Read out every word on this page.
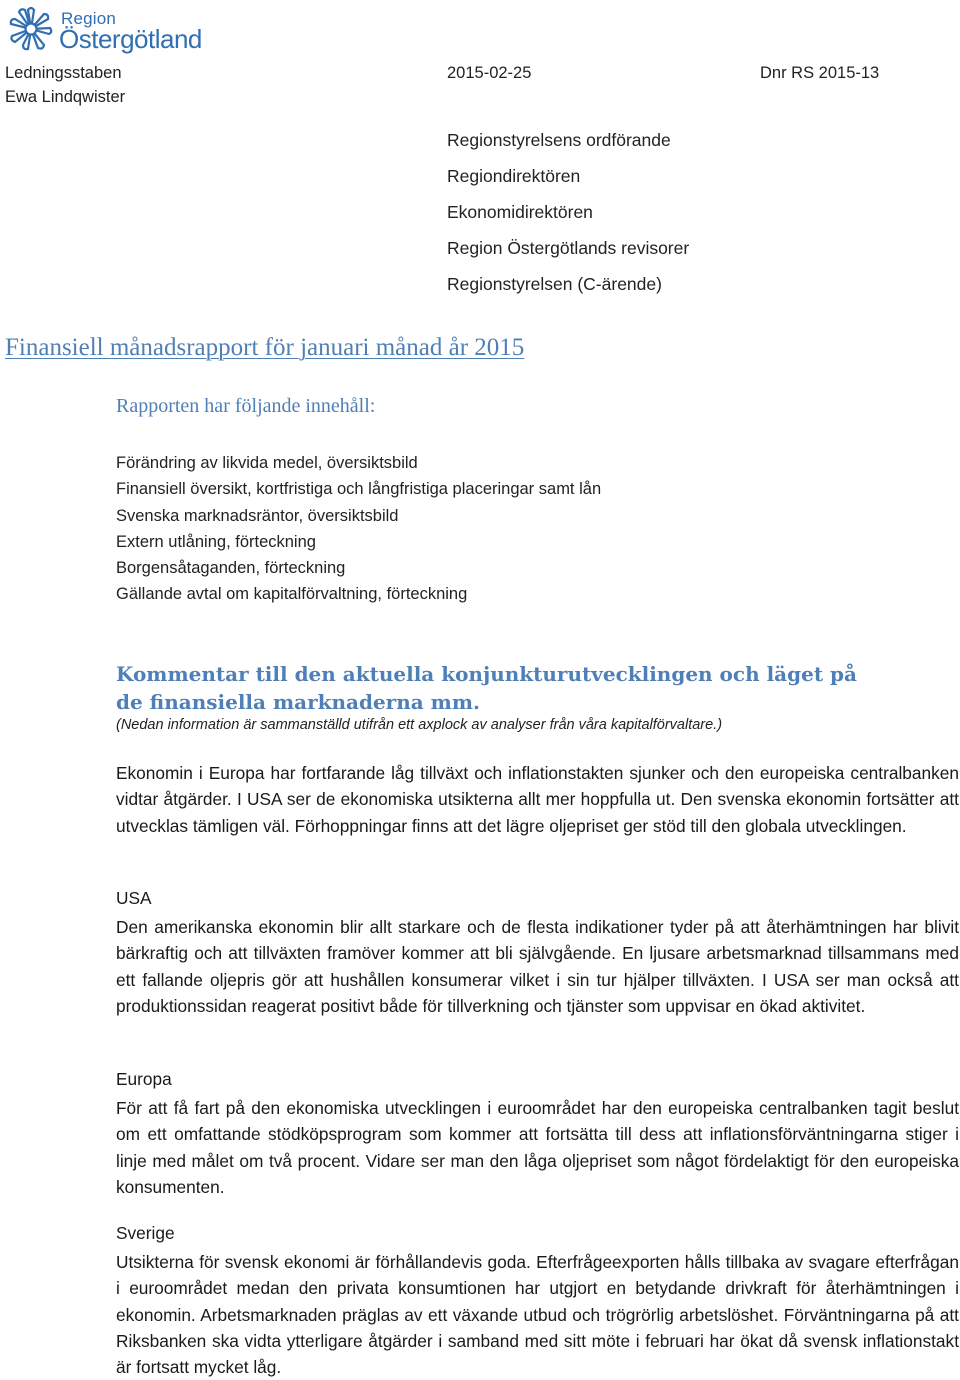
Region
Östergötland
Ledningsstaben
Ewa Lindqwister
2015-02-25	Dnr RS 2015-13
Regionstyrelsens ordförande
Regiondirektören
Ekonomidirektören
Region Östergötlands revisorer
Regionstyrelsen (C-ärende)
Finansiell månadsrapport för januari månad år 2015
Rapporten har följande innehåll:
Förändring av likvida medel, översiktsbild
Finansiell översikt, kortfristiga och långfristiga placeringar samt lån
Svenska marknadsräntor, översiktsbild
Extern utlåning, förteckning
Borgensåtaganden, förteckning
Gällande avtal om kapitalförvaltning, förteckning
Kommentar till den aktuella konjunkturutvecklingen och läget på de finansiella marknaderna mm.
(Nedan information är sammanställd utifrån ett axplock av analyser från våra kapitalförvaltare.)

Ekonomin i Europa har fortfarande låg tillväxt och inflationstakten sjunker och den europeiska centralbanken vidtar åtgärder. I USA ser de ekonomiska utsikterna allt mer hoppfulla ut. Den svenska ekonomin fortsätter att utvecklas tämligen väl. Förhoppningar finns att det lägre oljepriset ger stöd till den globala utvecklingen.

USA

Den amerikanska ekonomin blir allt starkare och de flesta indikationer tyder på att återhämtningen har blivit bärkraftig och att tillväxten framöver kommer att bli självgående. En ljusare arbetsmarknad tillsammans med ett fallande oljepris gör att hushållen konsumerar vilket i sin tur hjälper tillväxten. I USA ser man också att produktionssidan reagerat positivt både för tillverkning och tjänster som uppvisar en ökad aktivitet.

Europa

För att få fart på den ekonomiska utvecklingen i euroområdet har den europeiska centralbanken tagit beslut om ett omfattande stödköpsprogram som kommer att fortsätta till dess att inflationsförväntningarna stiger i linje med målet om två procent. Vidare ser man den låga oljepriset som något fördelaktigt för den europeiska konsumenten.

Sverige

Utsikterna för svensk ekonomi är förhållandevis goda. Efterfrågeexporten hålls tillbaka av svagare efterfrågan i euroområdet medan den privata konsumtionen har utgjort en betydande drivkraft för återhämtningen i ekonomin. Arbetsmarknaden präglas av ett växande utbud och trögrörlig arbetslöshet. Förväntningarna på att Riksbanken ska vidta ytterligare åtgärder i samband med sitt möte i februari har ökat då svensk inflationstakt är fortsatt mycket låg.
